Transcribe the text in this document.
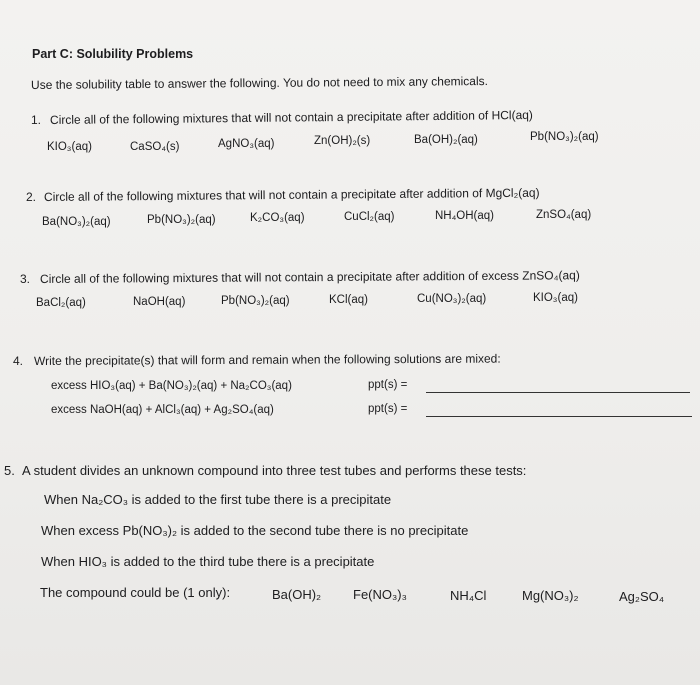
Part C: Solubility Problems
Use the solubility table to answer the following. You do not need to mix any chemicals.
1. Circle all of the following mixtures that will not contain a precipitate after addition of HCl(aq)
KIO₃(aq)	CaSO₄(s)	AgNO₃(aq)	Zn(OH)₂(s)	Ba(OH)₂(aq)	Pb(NO₃)₂(aq)
2. Circle all of the following mixtures that will not contain a precipitate after addition of MgCl₂(aq)
Ba(NO₃)₂(aq)	Pb(NO₃)₂(aq)	K₂CO₃(aq)	CuCl₂(aq)	NH₄OH(aq)	ZnSO₄(aq)
3. Circle all of the following mixtures that will not contain a precipitate after addition of excess ZnSO₄(aq)
BaCl₂(aq)	NaOH(aq)	Pb(NO₃)₂(aq)	KCl(aq)	Cu(NO₃)₂(aq)	KIO₃(aq)
4. Write the precipitate(s) that will form and remain when the following solutions are mixed:
excess HIO₃(aq) + Ba(NO₃)₂(aq) + Na₂CO₃(aq)	ppt(s) =
excess NaOH(aq) + AlCl₃(aq) + Ag₂SO₄(aq)	ppt(s) =
5. A student divides an unknown compound into three test tubes and performs these tests:
When Na₂CO₃ is added to the first tube there is a precipitate
When excess Pb(NO₃)₂ is added to the second tube there is no precipitate
When HIO₃ is added to the third tube there is a precipitate
The compound could be (1 only):	Ba(OH)₂ Fe(NO₃)₃	NH₄Cl	Mg(NO₃)₂	Ag₂SO₄
